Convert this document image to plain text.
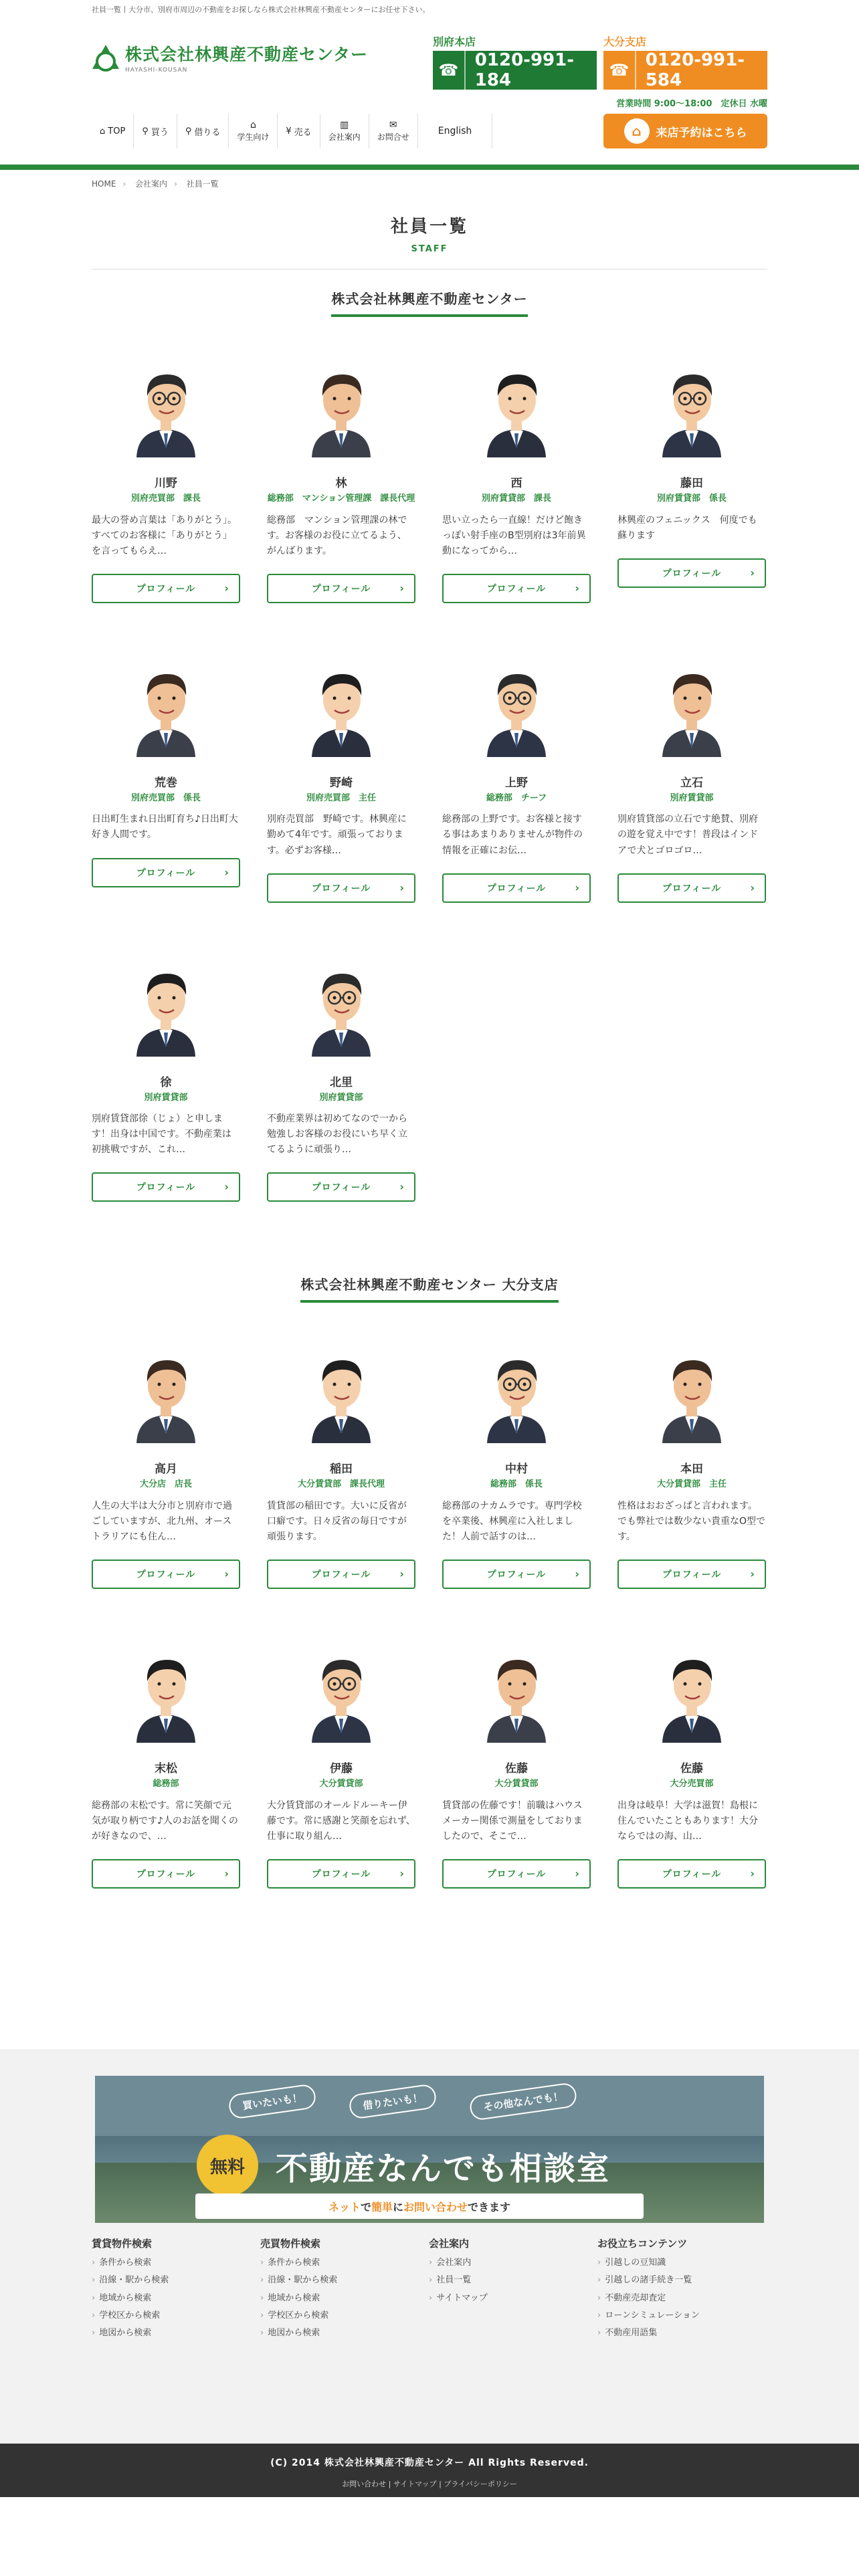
社員一覧丨大分市、別府市周辺の不動産をお探しなら株式会社林興産不動産センターにお任せ下さい。
株式会社林興産不動産センター
HAYASHI-KOUSAN
別府本店
☎ 0120-991-184
大分支店
☎ 0120-991-584
営業時間 9:00～18:00　定休日 水曜
⌂ TOP ⚲ 買う ⚲ 借りる
⌂
学生向け
¥ 売る
▥
会社案内
✉
お問合せ
English	⌂	来店予約はこちら
HOME › 会社案内 › 社員一覧
社員一覧
STAFF
株式会社林興産不動産センター
川野
別府売買部　課長
最大の誉め言葉は「ありがとう」。すべてのお客様に「ありがとう」を言ってもらえ…
プロフィール	›
林
総務部　マンション管理課　課長代理
総務部　マンション管理課の林です。お客様のお役に立てるよう、がんばります。
プロフィール	›
西
別府賃貸部　課長
思い立ったら一直線！だけど飽きっぽい射手座のB型別府は3年前異動になってから…
プロフィール	›
藤田
別府賃貸部　係長
林興産のフェニックス　何度でも蘇ります
プロフィール	›
荒巻
別府売買部　係長
日出町生まれ日出町育ち♪日出町大好き人間です。
プロフィール	›
野崎
別府売買部　主任
別府売買部　野崎です。林興産に勤めて4年です。頑張っております。必ずお客様…
プロフィール	›
上野
総務部　チーフ
総務部の上野です。お客様と接する事はあまりありませんが物件の情報を正確にお伝…
プロフィール	›
立石
別府賃貸部
別府賃貸部の立石です絶賛、別府の遊を覚え中です！普段はインドアで犬とゴロゴロ…
プロフィール	›
徐
別府賃貸部
別府賃貸部徐（じょ）と申します！出身は中国です。不動産業は初挑戦ですが、これ…
プロフィール	›
北里
別府賃貸部
不動産業界は初めてなので一から勉強しお客様のお役にいち早く立てるように頑張り…
プロフィール	›
株式会社林興産不動産センター 大分支店
高月
大分店　店長
人生の大半は大分市と別府市で過ごしていますが、北九州、オーストラリアにも住ん…
プロフィール	›
稲田
大分賃貸部　課長代理
賃貸部の稲田です。大いに反省が口癖です。日々反省の毎日ですが頑張ります。
プロフィール	›
中村
総務部　係長
総務部のナカムラです。専門学校を卒業後、林興産に入社しました！人前で話すのは…
プロフィール	›
本田
大分賃貸部　主任
性格はおおざっぱと言われます。でも弊社では数少ない貴重なO型です。
プロフィール	›
末松
総務部
総務部の末松です。常に笑顔で元気が取り柄です♪人のお話を聞くのが好きなので、…
プロフィール	›
伊藤
大分賃貸部
大分賃貸部のオールドルーキー伊藤です。常に感謝と笑顔を忘れず、仕事に取り組ん…
プロフィール	›
佐藤
大分賃貸部
賃貸部の佐藤です！前職はハウスメーカー関係で測量をしておりましたので、そこで…
プロフィール	›
佐藤
大分売買部
出身は岐阜！大学は滋賀！島根に住んでいたこともあります！大分ならではの海、山…
プロフィール	›
買いたいも！	借りたいも！	その他なんでも！
無料 不動産なんでも相談室
ネット で 簡単 に お問い合わせ できます
賃貸物件検索
› 条件から検索
› 沿線・駅から検索
› 地域から検索
› 学校区から検索
› 地図から検索
売買物件検索
› 条件から検索
› 沿線・駅から検索
› 地域から検索
› 学校区から検索
› 地図から検索
会社案内
› 会社案内
› 社員一覧
› サイトマップ
お役立ちコンテンツ
› 引越しの豆知識
› 引越しの諸手続き一覧
› 不動産売却査定
› ローンシミュレーション
› 不動産用語集
(C) 2014 株式会社林興産不動産センター All Rights Reserved.
お問い合わせ | サイトマップ | プライバシーポリシー
